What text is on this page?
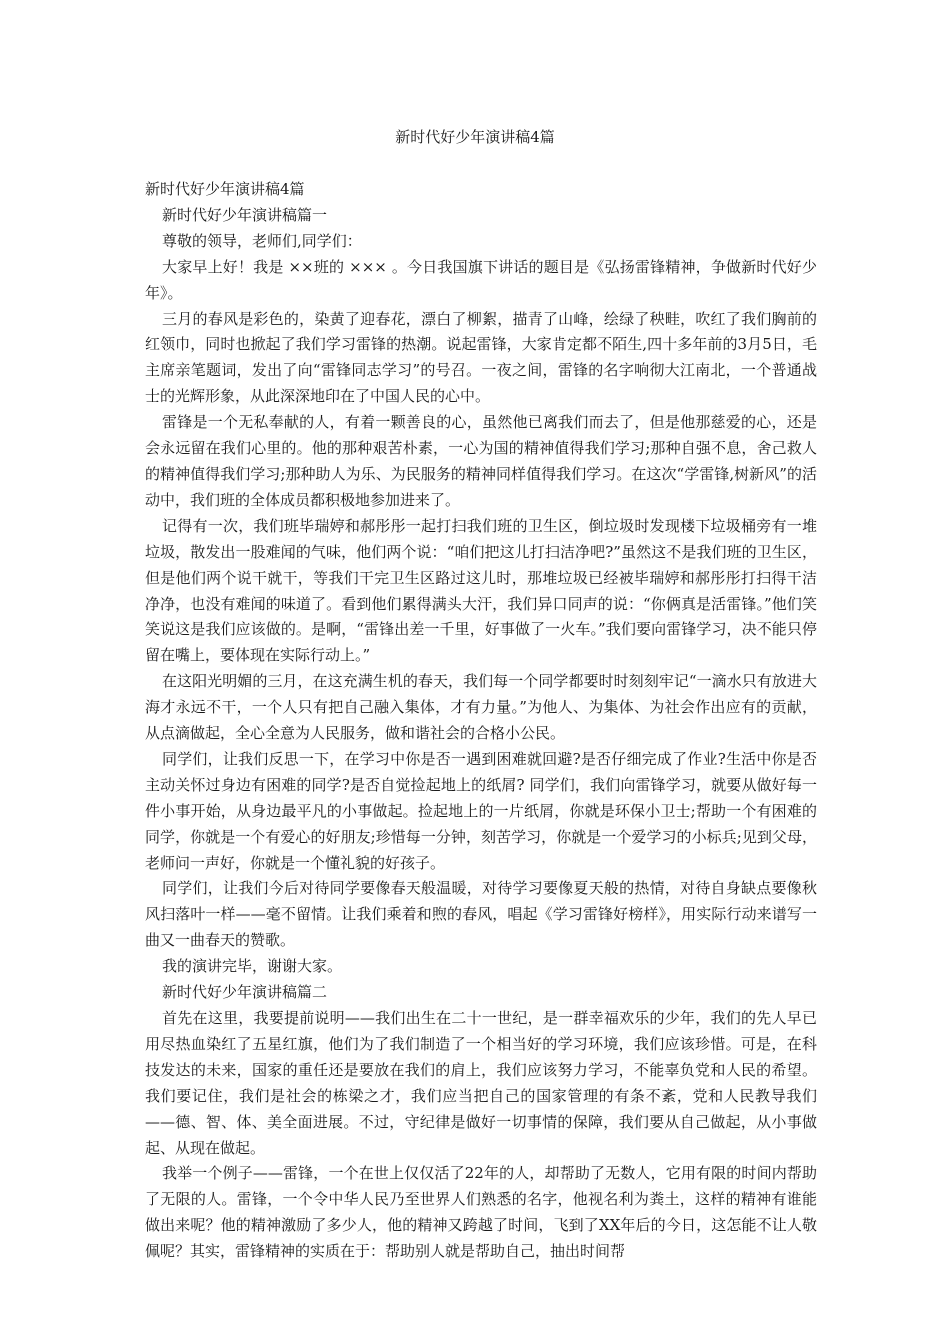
新时代好少年演讲稿4篇

新时代好少年演讲稿4篇

新时代好少年演讲稿篇一

尊敬的领导，老师们,同学们：

大家早上好！我是 ××班的 ××× 。今日我国旗下讲话的题目是《弘扬雷锋精神，争做新时代好少年》。

三月的春风是彩色的，染黄了迎春花，漂白了柳絮，描青了山峰，绘绿了秧畦，吹红了我们胸前的红领巾，同时也掀起了我们学习雷锋的热潮。说起雷锋，大家肯定都不陌生,四十多年前的3月5日，毛主席亲笔题词，发出了向“雷锋同志学习”的号召。一夜之间，雷锋的名字响彻大江南北，一个普通战士的光辉形象，从此深深地印在了中国人民的心中。

雷锋是一个无私奉献的人，有着一颗善良的心，虽然他已离我们而去了，但是他那慈爱的心，还是会永远留在我们心里的。他的那种艰苦朴素，一心为国的精神值得我们学习;那种自强不息，舍己救人的精神值得我们学习;那种助人为乐、为民服务的精神同样值得我们学习。在这次“学雷锋,树新风”的活动中，我们班的全体成员都积极地参加进来了。

记得有一次，我们班毕瑞婷和郝彤彤一起打扫我们班的卫生区，倒垃圾时发现楼下垃圾桶旁有一堆垃圾，散发出一股难闻的气味，他们两个说：“咱们把这儿打扫洁净吧?”虽然这不是我们班的卫生区，但是他们两个说干就干，等我们干完卫生区路过这儿时，那堆垃圾已经被毕瑞婷和郝彤彤打扫得干洁净净，也没有难闻的味道了。看到他们累得满头大汗，我们异口同声的说：“你俩真是活雷锋。”他们笑笑说这是我们应该做的。是啊，“雷锋出差一千里，好事做了一火车。”我们要向雷锋学习，决不能只停留在嘴上，要体现在实际行动上。”

在这阳光明媚的三月，在这充满生机的春天，我们每一个同学都要时时刻刻牢记“一滴水只有放进大海才永远不干，一个人只有把自己融入集体，才有力量。”为他人、为集体、为社会作出应有的贡献，从点滴做起，全心全意为人民服务，做和谐社会的合格小公民。

同学们，让我们反思一下，在学习中你是否一遇到困难就回避?是否仔细完成了作业?生活中你是否主动关怀过身边有困难的同学?是否自觉捡起地上的纸屑? 同学们，我们向雷锋学习，就要从做好每一件小事开始，从身边最平凡的小事做起。捡起地上的一片纸屑，你就是环保小卫士;帮助一个有困难的同学，你就是一个有爱心的好朋友;珍惜每一分钟，刻苦学习，你就是一个爱学习的小标兵;见到父母，老师问一声好，你就是一个懂礼貌的好孩子。

同学们，让我们今后对待同学要像春天般温暖，对待学习要像夏天般的热情，对待自身缺点要像秋风扫落叶一样——毫不留情。让我们乘着和煦的春风，唱起《学习雷锋好榜样》，用实际行动来谱写一曲又一曲春天的赞歌。

我的演讲完毕，谢谢大家。

新时代好少年演讲稿篇二

首先在这里，我要提前说明——我们出生在二十一世纪，是一群幸福欢乐的少年，我们的先人早已用尽热血染红了五星红旗，他们为了我们制造了一个相当好的学习环境，我们应该珍惜。可是，在科技发达的未来，国家的重任还是要放在我们的肩上，我们应该努力学习，不能辜负党和人民的希望。我们要记住，我们是社会的栋梁之才，我们应当把自己的国家管理的有条不紊，党和人民教导我们——德、智、体、美全面进展。不过，守纪律是做好一切事情的保障，我们要从自己做起，从小事做起、从现在做起。

我举一个例子——雷锋，一个在世上仅仅活了22年的人，却帮助了无数人，它用有限的时间内帮助了无限的人。雷锋，一个令中华人民乃至世界人们熟悉的名字，他视名利为粪土，这样的精神有谁能做出来呢？他的精神激励了多少人，他的精神又跨越了时间，飞到了XX年后的今日，这怎能不让人敬佩呢？其实，雷锋精神的实质在于：帮助别人就是帮助自己，抽出时间帮
